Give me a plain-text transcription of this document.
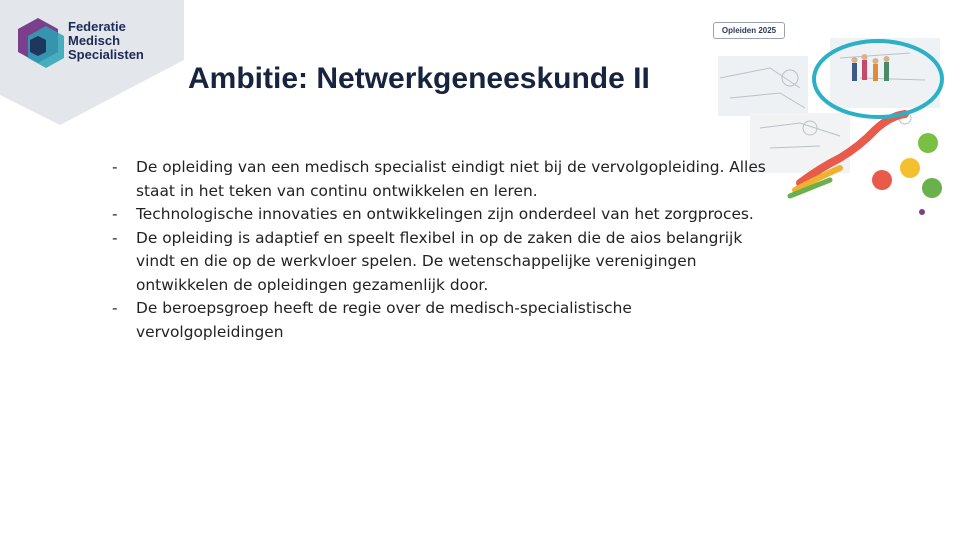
Federatie
Medisch
Specialisten
Ambitie: Netwerkgeneeskunde II
Opleiden 2025
- De opleiding van een medisch specialist eindigt niet bij de vervolgopleiding. Alles staat in het teken van continu ontwikkelen en leren.
- Technologische innovaties en ontwikkelingen zijn onderdeel van het zorgproces.
- De opleiding is adaptief en speelt flexibel in op de zaken die de aios belangrijk vindt en die op de werkvloer spelen. De wetenschappelijke verenigingen ontwikkelen de opleidingen gezamenlijk door.
- De beroepsgroep heeft de regie over de medisch-specialistische vervolgopleidingen
